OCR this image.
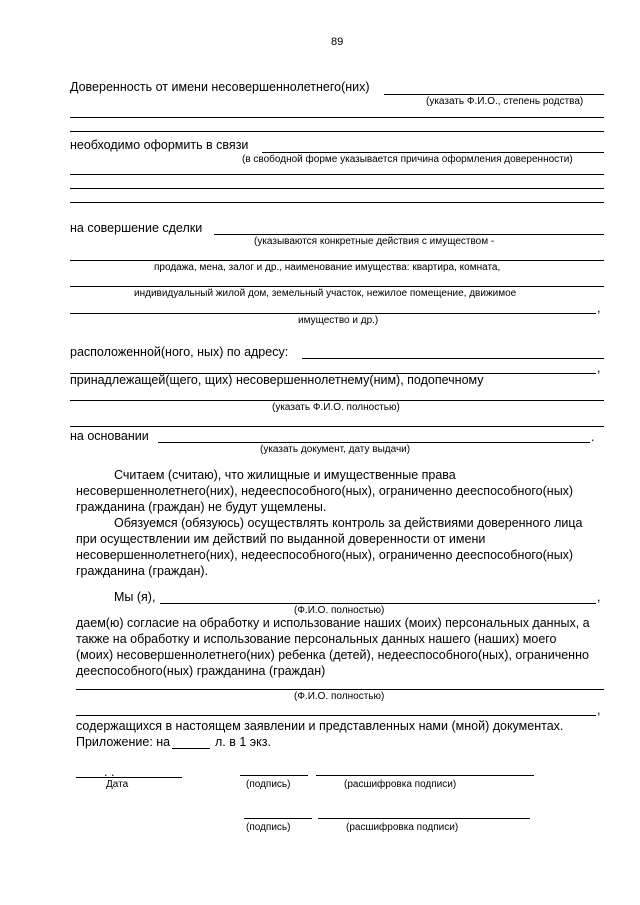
89
Доверенность от имени несовершеннолетнего(них)
(указать Ф.И.О., степень родства)
необходимо оформить в связи
(в свободной форме указывается причина оформления доверенности)
на совершение сделки
(указываются конкретные действия с имуществом -
продажа, мена, залог и др., наименование имущества: квартира, комната,
индивидуальный жилой дом, земельный участок, нежилое помещение, движимое
,
имущество и др.)
расположенной(ного, ных) по адресу:
,
принадлежащей(щего, щих) несовершеннолетнему(ним), подопечному
(указать Ф.И.О. полностью)
на основании	.
(указать документ, дату выдачи)
Считаем (считаю), что жилищные и имущественные права
несовершеннолетнего(них), недееспособного(ных), ограниченно дееспособного(ных)
гражданина (граждан) не будут ущемлены.
Обязуемся (обязуюсь) осуществлять контроль за действиями доверенного лица
при осуществлении им действий по выданной доверенности от имени
несовершеннолетнего(них), недееспособного(ных), ограниченно дееспособного(ных)
гражданина (граждан).
Мы (я),	,
(Ф.И.О. полностью)
даем(ю) согласие на обработку и использование наших (моих) персональных данных, а
также на обработку и использование персональных данных нашего (наших) моего
(моих) несовершеннолетнего(них) ребенка (детей), недееспособного(ных), ограниченно
дееспособного(ных) гражданина (граждан)
(Ф.И.О. полностью)
,
содержащихся в настоящем заявлении и представленных нами (мной) документах.
Приложение: на	л. в 1 экз.
. .
Дата	(подпись)	(расшифровка подписи)
(подпись)	(расшифровка подписи)
